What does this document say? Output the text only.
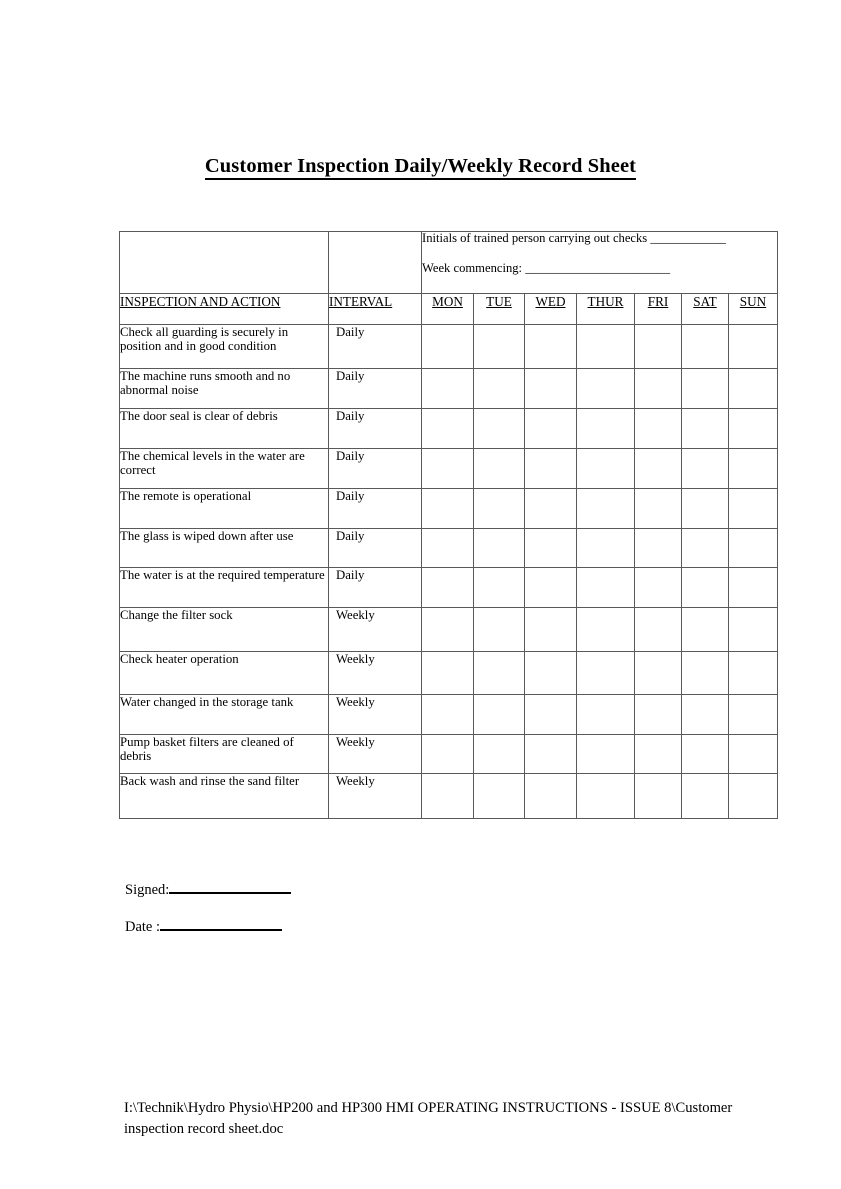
Customer Inspection Daily/Weekly Record Sheet

		Initials of trained person carrying out checks ____________
Week commencing: _______________________						

INSPECTION AND ACTION	INTERVAL	MON	TUE	WED	THUR	FRI	SAT	SUN
Check all guarding is securely in position and in good condition	Daily							
The machine runs smooth and no abnormal noise	Daily							
The door seal is clear of debris	Daily							
The chemical levels in the water are correct	Daily							
The remote is operational	Daily							
The glass is wiped down after use	Daily							
The water is at the required temperature	Daily							
Change the filter sock	Weekly							
Check heater operation	Weekly							
Water changed in the storage tank	Weekly							
Pump basket filters are cleaned of debris	Weekly							
Back wash and rinse the sand filter	Weekly							
Signed:
Date :
I:\Technik\Hydro Physio\HP200 and HP300 HMI OPERATING INSTRUCTIONS - ISSUE 8\Customer inspection record sheet.doc
